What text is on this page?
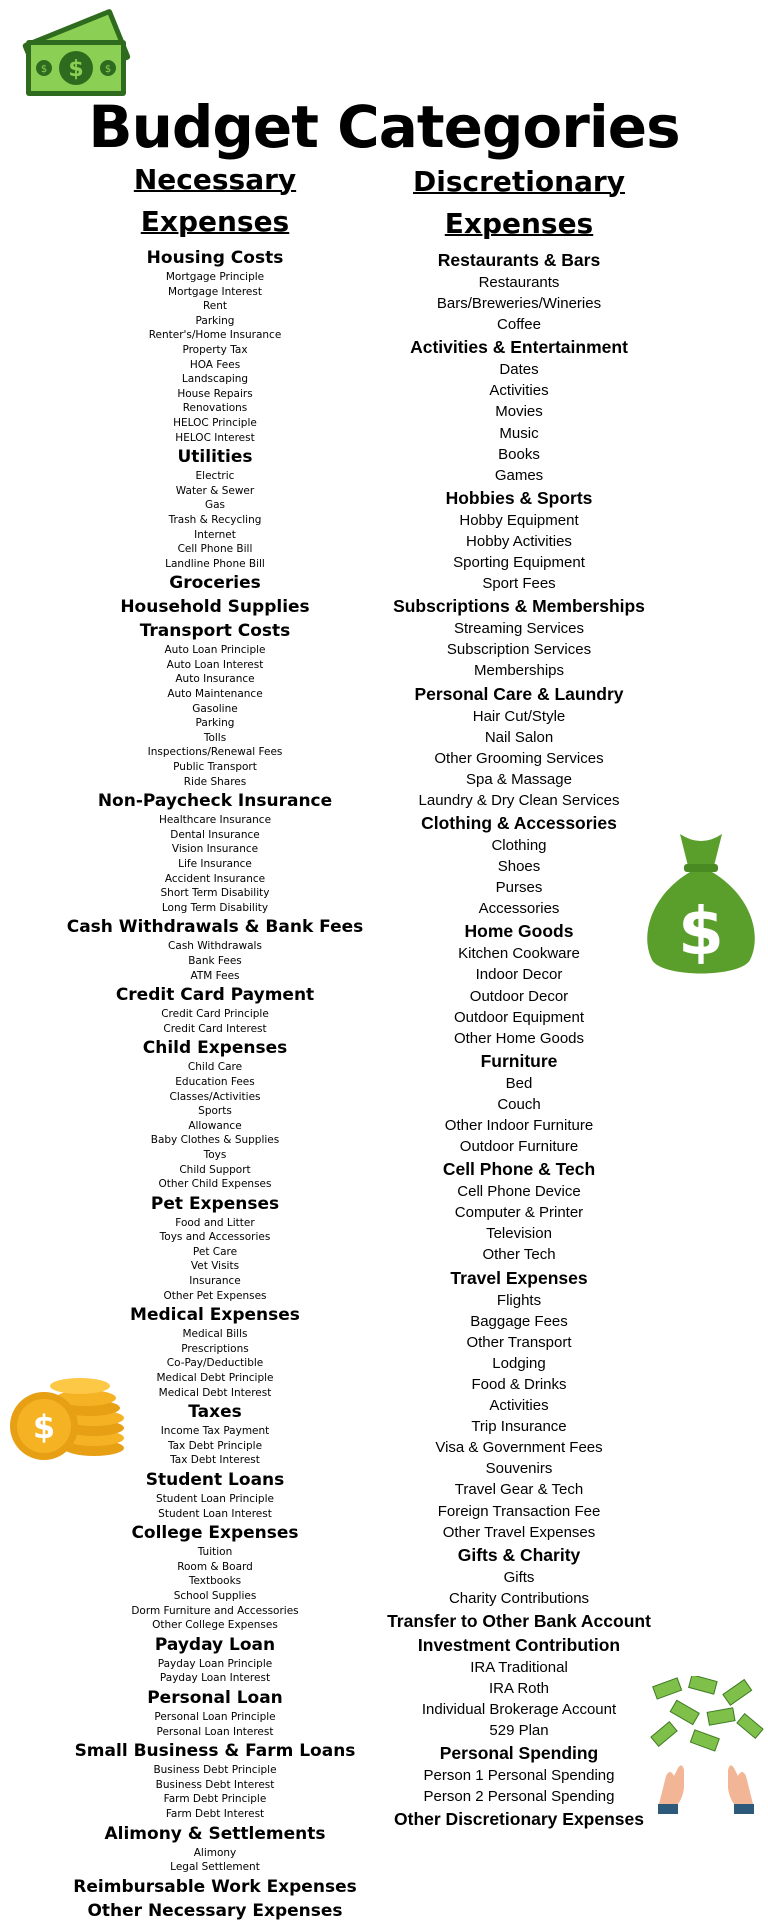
$
$	$
Budget Categories
Necessary
Expenses
Housing Costs
Mortgage Principle
Mortgage Interest
Rent
Parking
Renter's/Home Insurance
Property Tax
HOA Fees
Landscaping
House Repairs
Renovations
HELOC Principle
HELOC Interest
Utilities
Electric
Water & Sewer
Gas
Trash & Recycling
Internet
Cell Phone Bill
Landline Phone Bill
Groceries
Household Supplies
Transport Costs
Auto Loan Principle
Auto Loan Interest
Auto Insurance
Auto Maintenance
Gasoline
Parking
Tolls
Inspections/Renewal Fees
Public Transport
Ride Shares
Non-Paycheck Insurance
Healthcare Insurance
Dental Insurance
Vision Insurance
Life Insurance
Accident Insurance
Short Term Disability
Long Term Disability
Cash Withdrawals & Bank Fees
Cash Withdrawals
Bank Fees
ATM Fees
Credit Card Payment
Credit Card Principle
Credit Card Interest
Child Expenses
Child Care
Education Fees
Classes/Activities
Sports
Allowance
Baby Clothes & Supplies
Toys
Child Support
Other Child Expenses
Pet Expenses
Food and Litter
Toys and Accessories
Pet Care
Vet Visits
Insurance
Other Pet Expenses
Medical Expenses
Medical Bills
Prescriptions
Co-Pay/Deductible
Medical Debt Principle
Medical Debt Interest
Taxes
Income Tax Payment
Tax Debt Principle
Tax Debt Interest
Student Loans
Student Loan Principle
Student Loan Interest
College Expenses
Tuition
Room & Board
Textbooks
School Supplies
Dorm Furniture and Accessories
Other College Expenses
Payday Loan
Payday Loan Principle
Payday Loan Interest
Personal Loan
Personal Loan Principle
Personal Loan Interest
Small Business & Farm Loans
Business Debt Principle
Business Debt Interest
Farm Debt Principle
Farm Debt Interest
Alimony & Settlements
Alimony
Legal Settlement
Reimbursable Work Expenses
Other Necessary Expenses
Discretionary
Expenses
Restaurants & Bars
Restaurants
Bars/Breweries/Wineries
Coffee
Activities & Entertainment
Dates
Activities
Movies
Music
Books
Games
Hobbies & Sports
Hobby Equipment
Hobby Activities
Sporting Equipment
Sport Fees
Subscriptions & Memberships
Streaming Services
Subscription Services
Memberships
Personal Care & Laundry
Hair Cut/Style
Nail Salon
Other Grooming Services
Spa & Massage
Laundry & Dry Clean Services
Clothing & Accessories
Clothing
Shoes
Purses
Accessories
Home Goods
Kitchen Cookware
Indoor Decor
Outdoor Decor
Outdoor Equipment
Other Home Goods
Furniture
Bed
Couch
Other Indoor Furniture
Outdoor Furniture
Cell Phone & Tech
Cell Phone Device
Computer & Printer
Television
Other Tech
Travel Expenses
Flights
Baggage Fees
Other Transport
Lodging
Food & Drinks
Activities
Trip Insurance
Visa & Government Fees
Souvenirs
Travel Gear & Tech
Foreign Transaction Fee
Other Travel Expenses
Gifts & Charity
Gifts
Charity Contributions
Transfer to Other Bank Account
Investment Contribution
IRA Traditional
IRA Roth
Individual Brokerage Account
529 Plan
Personal Spending
Person 1 Personal Spending
Person 2 Personal Spending
Other Discretionary Expenses
$
$
